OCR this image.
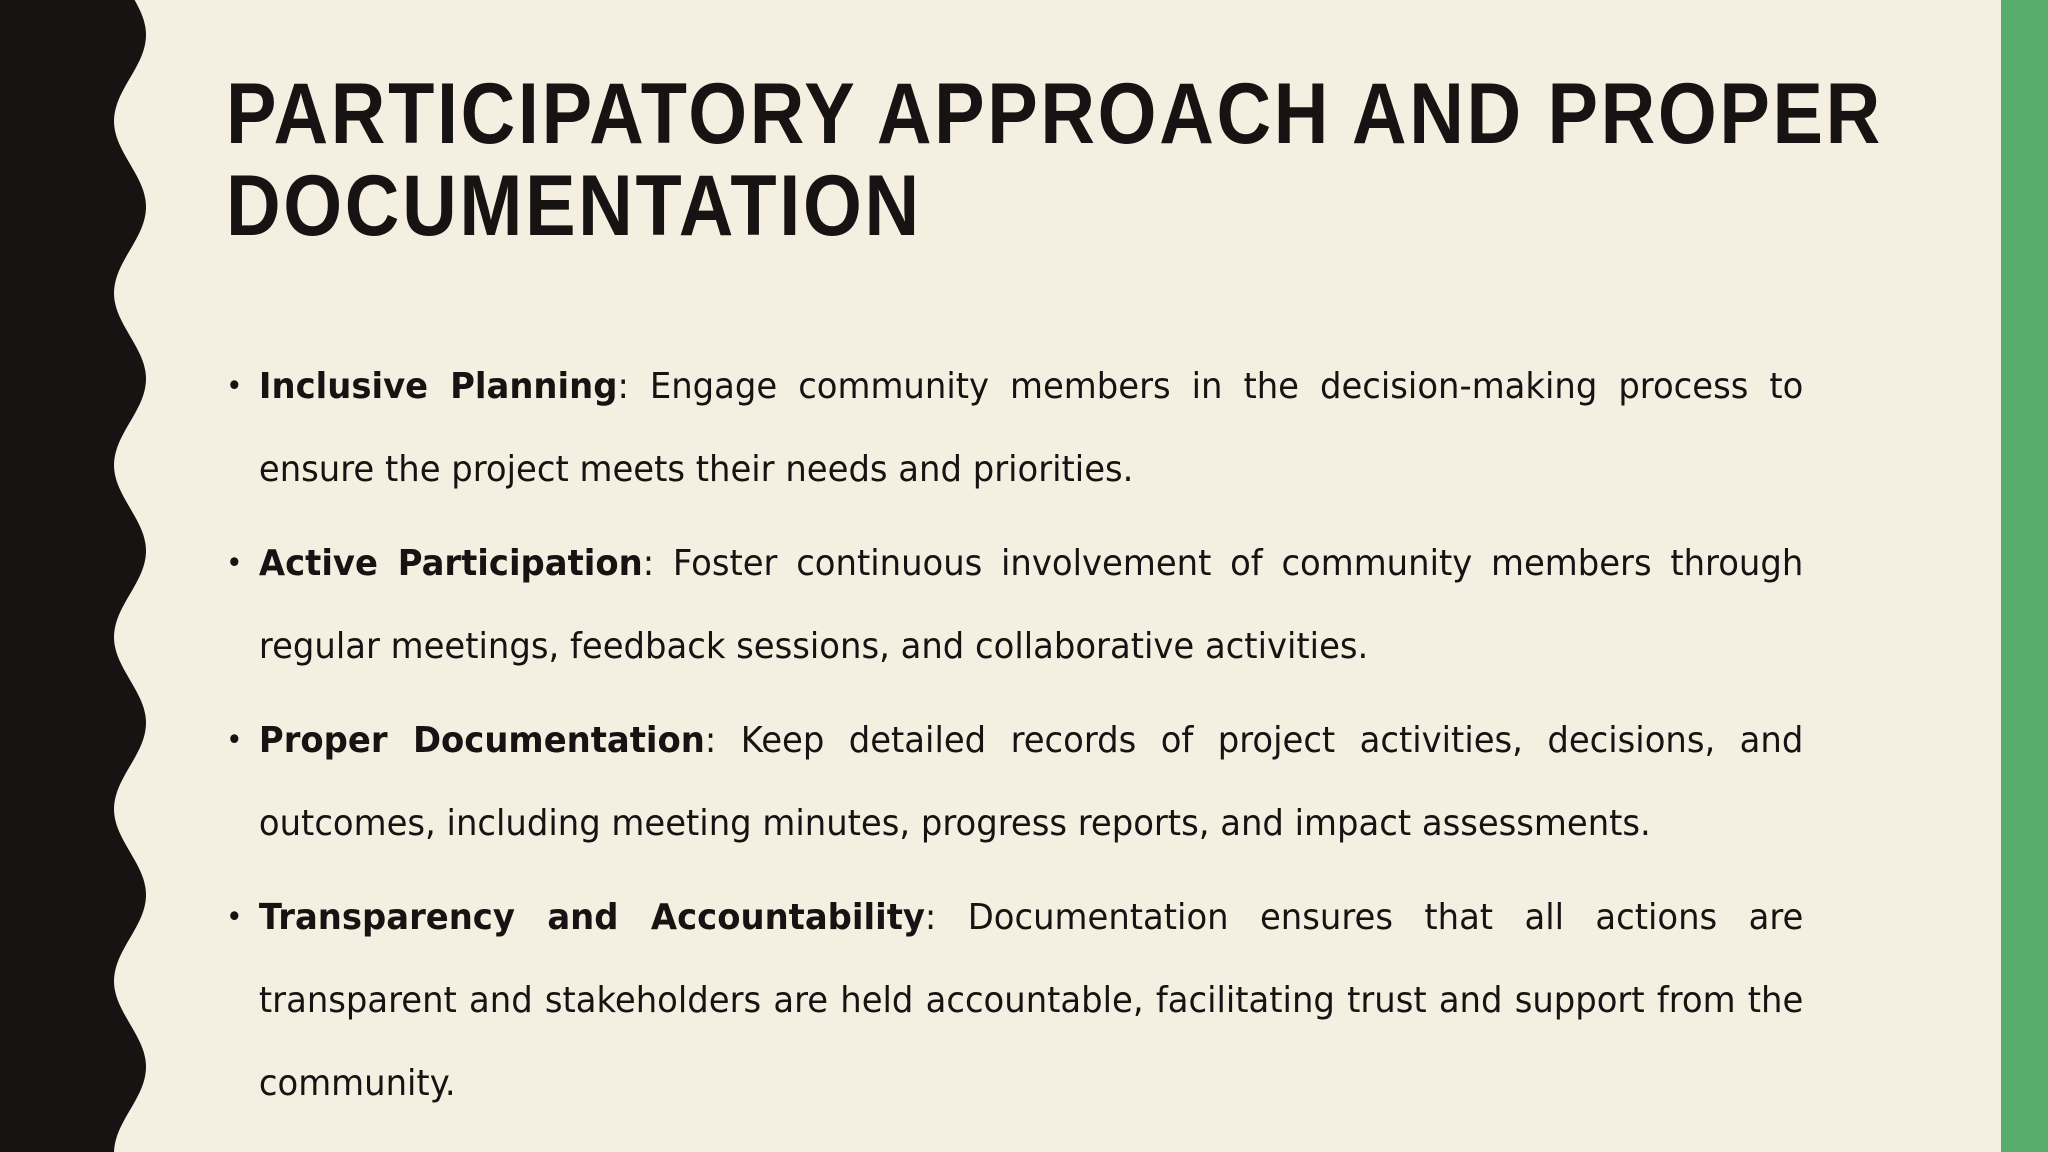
PARTICIPATORY APPROACH AND PROPER
DOCUMENTATION
• Inclusive Planning: Engage community members in the decision-making process to ensure the project meets their needs and priorities.
• Active Participation: Foster continuous involvement of community members through regular meetings, feedback sessions, and collaborative activities.
• Proper Documentation: Keep detailed records of project activities, decisions, and outcomes, including meeting minutes, progress reports, and impact assessments.
• Transparency and Accountability: Documentation ensures that all actions are transparent and stakeholders are held accountable, facilitating trust and support from the community.
